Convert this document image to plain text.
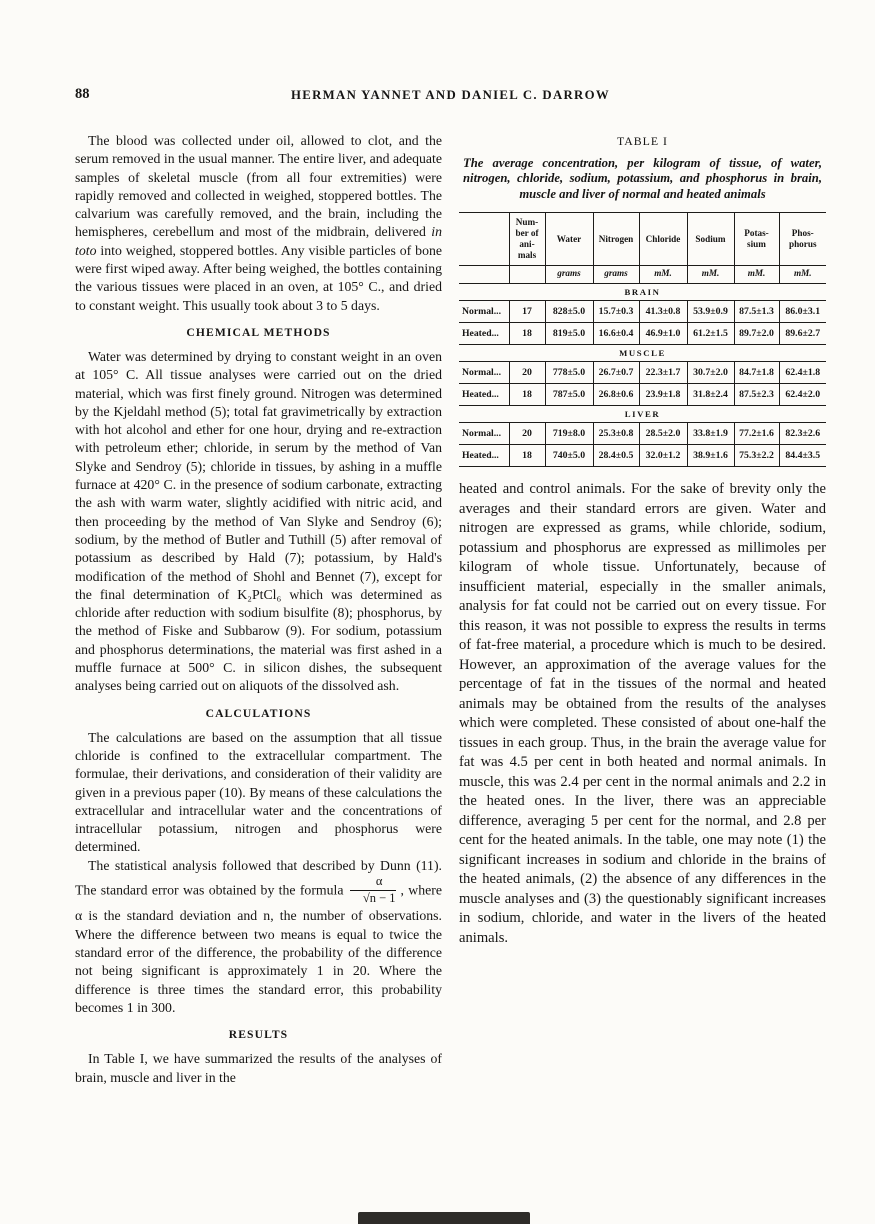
88	HERMAN YANNET AND DANIEL C. DARROW

The blood was collected under oil, allowed to clot, and the serum removed in the usual manner. The entire liver, and adequate samples of skeletal muscle (from all four extremities) were rapidly removed and collected in weighed, stoppered bottles. The calvarium was carefully removed, and the brain, including the hemispheres, cerebellum and most of the midbrain, delivered in toto into weighed, stoppered bottles. Any visible particles of bone were first wiped away. After being weighed, the bottles containing the various tissues were placed in an oven, at 105° C., and dried to constant weight. This usually took about 3 to 5 days.

CHEMICAL METHODS

Water was determined by drying to constant weight in an oven at 105° C. All tissue analyses were carried out on the dried material, which was first finely ground. Nitrogen was determined by the Kjeldahl method (5); total fat gravimetrically by extraction with hot alcohol and ether for one hour, drying and re-extraction with petroleum ether; chloride, in serum by the method of Van Slyke and Sendroy (5); chloride in tissues, by ashing in a muffle furnace at 420° C. in the presence of sodium carbonate, extracting the ash with warm water, slightly acidified with nitric acid, and then proceeding by the method of Van Slyke and Sendroy (6); sodium, by the method of Butler and Tuthill (5) after removal of potassium as described by Hald (7); potassium, by Hald's modification of the method of Shohl and Bennet (7), except for the final determination of K₂PtCl₆ which was determined as chloride after reduction with sodium bisulfite (8); phosphorus, by the method of Fiske and Subbarow (9). For sodium, potassium and phosphorus determinations, the material was first ashed in a muffle furnace at 500° C. in silicon dishes, the subsequent analyses being carried out on aliquots of the dissolved ash.

CALCULATIONS

The calculations are based on the assumption that all tissue chloride is confined to the extracellular compartment. The formulae, their derivations, and consideration of their validity are given in a previous paper (10). By means of these calculations the extracellular and intracellular water and the concentrations of intracellular potassium, nitrogen and phosphorus were determined.

The statistical analysis followed that described by Dunn (11). The standard error was obtained by the formula $\frac{\alpha}{√n - 1}$ , where α is the standard deviation and n, the number of observations. Where the difference between two means is equal to twice the standard error of the difference, the probability of the difference not being significant is approximately 1 in 20. Where the difference is three times the standard error, this probability becomes 1 in 300.

RESULTS

In Table I, we have summarized the results of the analyses of brain, muscle and liver in the

TABLE I
The average concentration, per kilogram of tissue, of water, nitrogen, chloride, sodium, potassium, and phosphorus in brain, muscle and liver of normal and heated animals
	Num-
ber of
ani-
mals	Water	Nitrogen	Chloride	Sodium	Potas-
sium	Phos-
phorus
		grams	grams	mM.	mM.	mM.	mM.
BRAIN							
Normal...	17	828±5.0	15.7±0.3	41.3±0.8	53.9±0.9	87.5±1.3	86.0±3.1
Heated...	18	819±5.0	16.6±0.4	46.9±1.0	61.2±1.5	89.7±2.0	89.6±2.7
MUSCLE							
Normal...	20	778±5.0	26.7±0.7	22.3±1.7	30.7±2.0	84.7±1.8	62.4±1.8
Heated...	18	787±5.0	26.8±0.6	23.9±1.8	31.8±2.4	87.5±2.3	62.4±2.0
LIVER							
Normal...	20	719±8.0	25.3±0.8	28.5±2.0	33.8±1.9	77.2±1.6	82.3±2.6
Heated...	18	740±5.0	28.4±0.5	32.0±1.2	38.9±1.6	75.3±2.2	84.4±3.5

heated and control animals. For the sake of brevity only the averages and their standard errors are given. Water and nitrogen are expressed as grams, while chloride, sodium, potassium and phosphorus are expressed as millimoles per kilogram of whole tissue. Unfortunately, because of insufficient material, especially in the smaller animals, analysis for fat could not be carried out on every tissue. For this reason, it was not possible to express the results in terms of fat-free material, a procedure which is much to be desired. However, an approximation of the average values for the percentage of fat in the tissues of the normal and heated animals may be obtained from the results of the analyses which were completed. These consisted of about one-half the tissues in each group. Thus, in the brain the average value for fat was 4.5 per cent in both heated and normal animals. In muscle, this was 2.4 per cent in the normal animals and 2.2 in the heated ones. In the liver, there was an appreciable difference, averaging 5 per cent for the normal, and 2.8 per cent for the heated animals. In the table, one may note (1) the significant increases in sodium and chloride in the brains of the heated animals, (2) the absence of any differences in the muscle analyses and (3) the questionably significant increases in sodium, chloride, and water in the livers of the heated animals.
